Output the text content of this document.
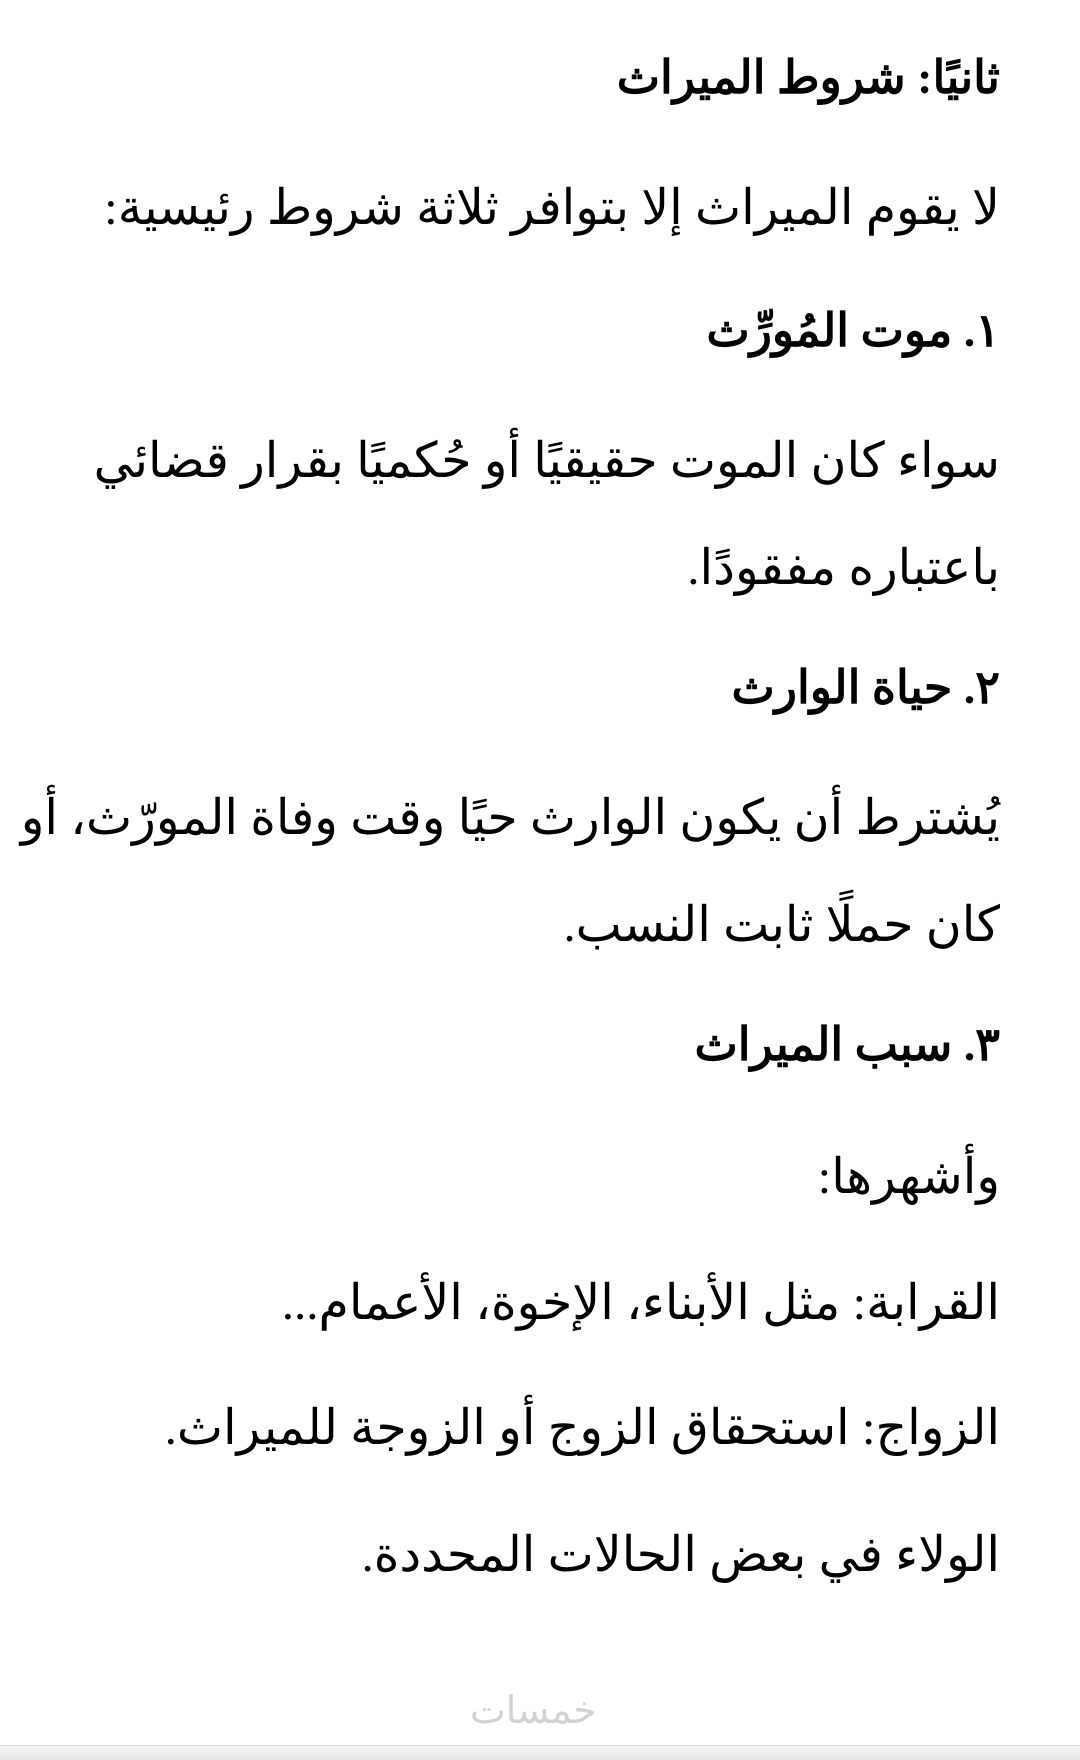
ثانيًا: شروط الميراث
لا يقوم الميراث إلا بتوافر ثلاثة شروط رئيسية:
١. موت المُورِّث
سواء كان الموت حقيقيًا أو حُكميًا بقرار قضائي
باعتباره مفقودًا.
٢. حياة الوارث
يُشترط أن يكون الوارث حيًا وقت وفاة المورّث، أو
كان حملًا ثابت النسب.
٣. سبب الميراث
وأشهرها:
القرابة: مثل الأبناء، الإخوة، الأعمام...
الزواج: استحقاق الزوج أو الزوجة للميراث.
الولاء في بعض الحالات المحددة.
خمسات
